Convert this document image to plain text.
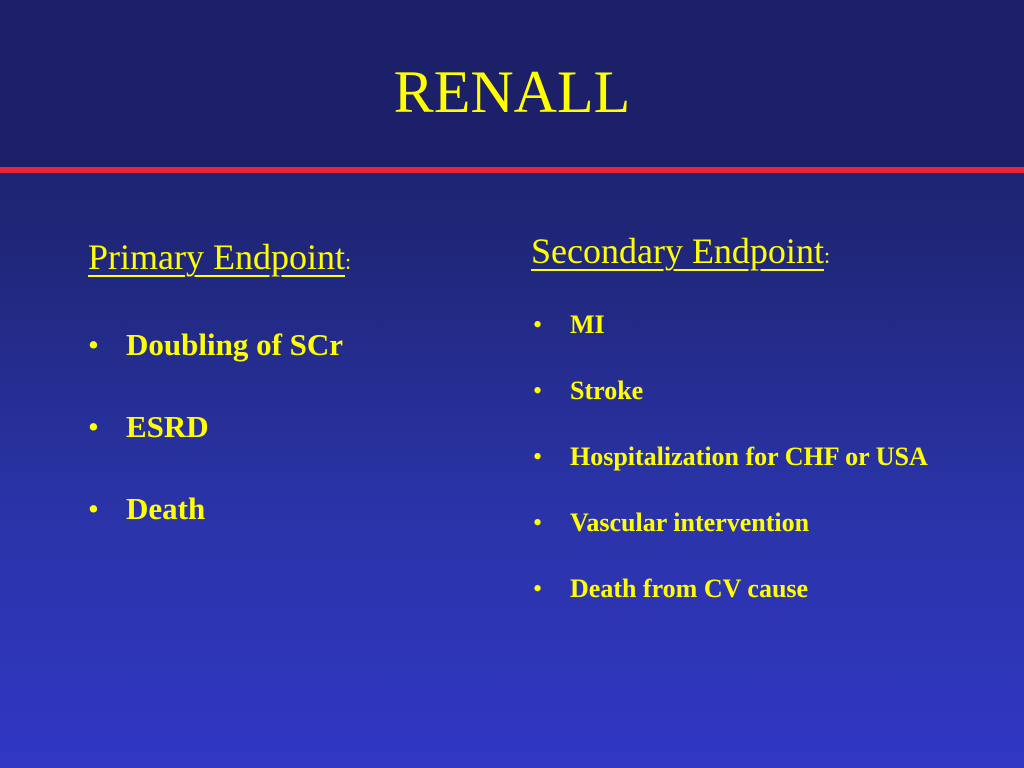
RENALL
Primary Endpoint:
• Doubling of SCr
• ESRD
• Death
Secondary Endpoint:
• MI
• Stroke
• Hospitalization for CHF or USA
• Vascular intervention
• Death from CV cause
